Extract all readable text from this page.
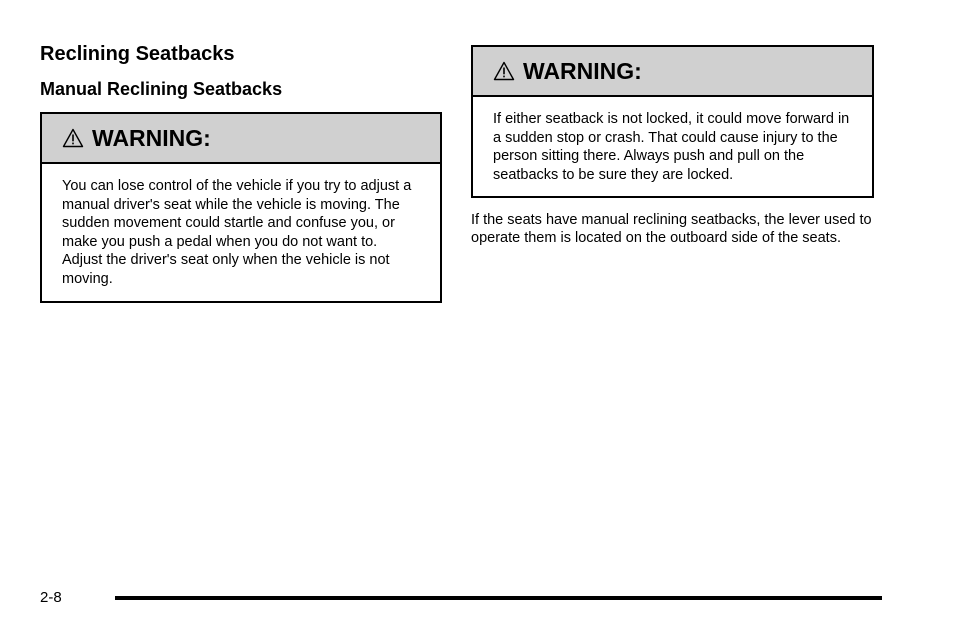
Reclining Seatbacks
Manual Reclining Seatbacks
WARNING:
You can lose control of the vehicle if you try to adjust a manual driver's seat while the vehicle is moving. The sudden movement could startle and confuse you, or make you push a pedal when you do not want to. Adjust the driver's seat only when the vehicle is not moving.
WARNING:
If either seatback is not locked, it could move forward in a sudden stop or crash. That could cause injury to the person sitting there. Always push and pull on the seatbacks to be sure they are locked.

If the seats have manual reclining seatbacks, the lever used to operate them is located on the outboard side of the seats.

2-8
